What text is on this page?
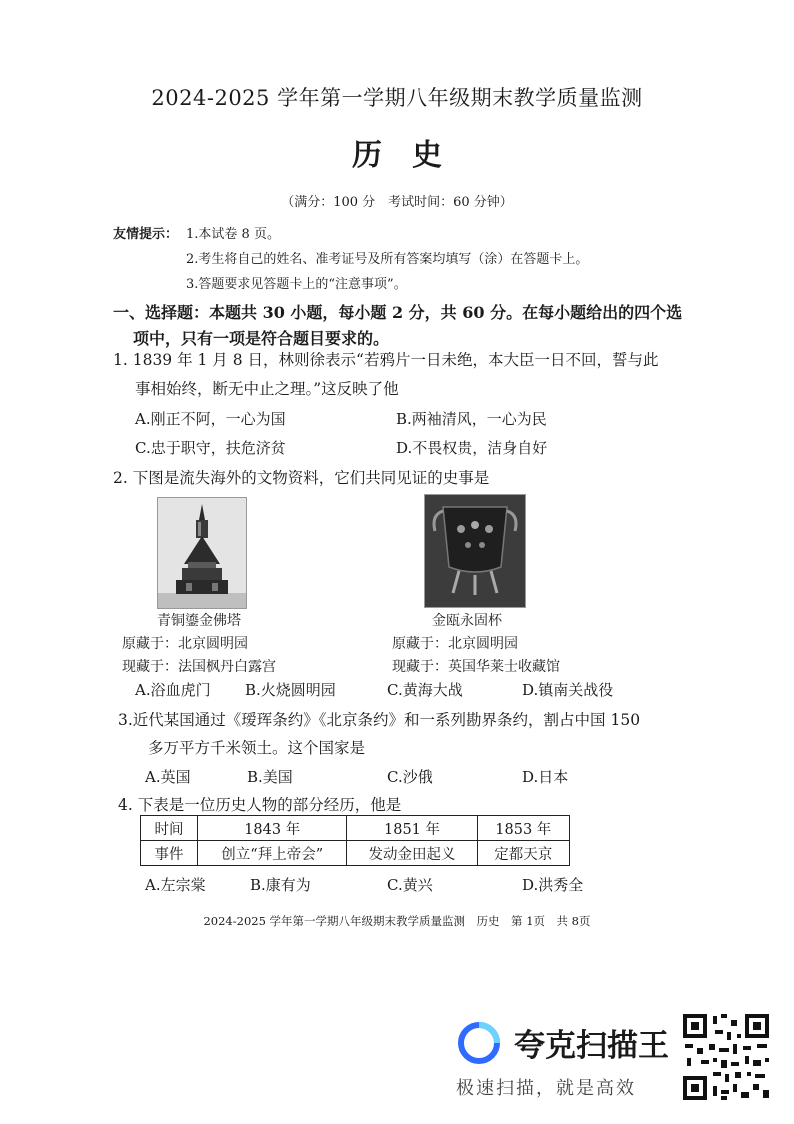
2024-2025 学年第一学期八年级期末教学质量监测
历史
（满分：100 分　考试时间：60 分钟）
友情提示： 1.本试卷 8 页。
2.考生将自己的姓名、准考证号及所有答案均填写（涂）在答题卡上。
3.答题要求见答题卡上的“注意事项”。
一、选择题：本题共 30 小题，每小题 2 分，共 60 分。在每小题给出的四个选
项中，只有一项是符合题目要求的。
1. 1839 年 1 月 8 日，林则徐表示“若鸦片一日未绝，本大臣一日不回，誓与此
事相始终，断无中止之理。”这反映了他
A.刚正不阿，一心为国	B.两袖清风，一心为民
C.忠于职守，扶危济贫	D.不畏权贵，洁身自好
2. 下图是流失海外的文物资料，它们共同见证的史事是
青铜鎏金佛塔
原藏于：北京圆明园
现藏于：法国枫丹白露宫
金瓯永固杯
原藏于：北京圆明园
现藏于：英国华莱士收藏馆
A.浴血虎门 B.火烧圆明园	C.黄海大战	D.镇南关战役
3.近代某国通过《瑷珲条约》《北京条约》和一系列勘界条约，割占中国 150
多万平方千米领土。这个国家是
A.英国	B.美国	C.沙俄	D.日本
4. 下表是一位历史人物的部分经历，他是
时间	1843 年	1851 年	1853 年
事件	创立“拜上帝会”	发动金田起义	定都天京
A.左宗棠	B.康有为	C.黄兴	D.洪秀全
2024-2025 学年第一学期八年级期末教学质量监测　历史　第 1页　共 8页
夸克扫描王
极速扫描，就是高效
